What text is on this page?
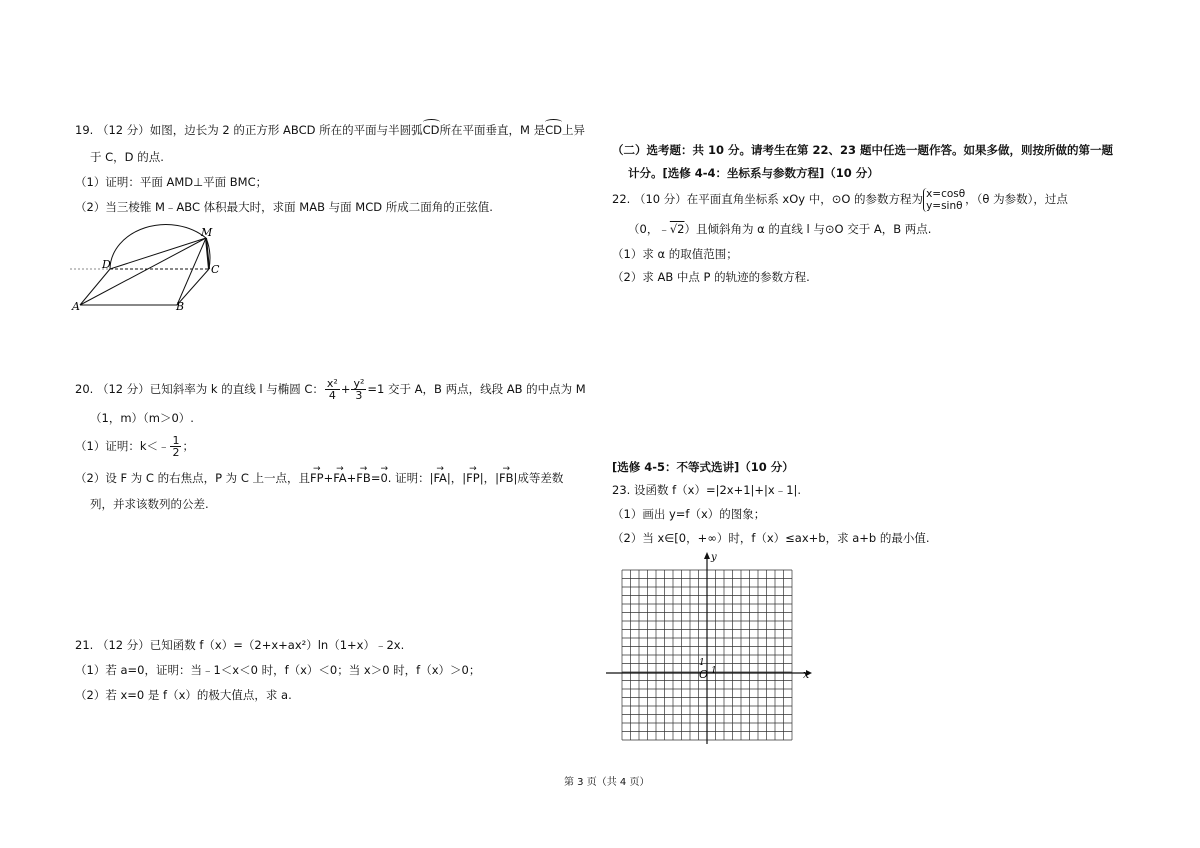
19. （12 分）如图，边长为 2 的正方形 ABCD 所在的平面与半圆弧CD所在平面垂直，M 是CD上异
于 C，D 的点.
（1）证明：平面 AMD⊥平面 BMC；
（2）当三棱锥 M﹣ABC 体积最大时，求面 MAB 与面 MCD 所成二面角的正弦值.
M
D	C
A	B
20. （12 分）已知斜率为 k 的直线 l 与椭圆 C： $\frac{\text{x²}}{4} + \frac{\text{y²}}{3} =1$ 交于 A，B 两点，线段 AB 的中点为 M
（1，m）（m＞0）.
（1）证明：k＜﹣ $\frac{1}{2}$ ；
（2）设 F 为 C 的右焦点，P 为 C 上一点，且→ FP+→ FA+→ FB=→ 0. 证明：|→ FA|，|→ FP|，|→ FB|成等差数
列，并求该数列的公差.
21. （12 分）已知函数 f（x）=（2+x+ax²）ln（1+x）﹣2x.
（1）若 a=0，证明：当﹣1＜x＜0 时，f（x）＜0；当 x＞0 时，f（x）＞0；
（2）若 x=0 是 f（x）的极大值点，求 a.
（二）选考题：共 10 分。请考生在第 22、23 题中任选一题作答。如果多做，则按所做的第一题
计分。[选修 4-4：坐标系与参数方程]（10 分）
22. （10 分）在平面直角坐标系 xOy 中，⊙O 的参数方程为 x=cosθ
y=sinθ ，（θ 为参数），过点
（0，﹣√2）且倾斜角为 α 的直线 l 与⊙O 交于 A，B 两点.
（1）求 α 的取值范围；
（2）求 AB 中点 P 的轨迹的参数方程.
[选修 4-5：不等式选讲]（10 分）
23. 设函数 f（x）=|2x+1|+|x﹣1|.
（1）画出 y=f（x）的图象；
（2）当 x∈[0，+∞）时，f（x）≤ax+b，求 a+b 的最小值.
x
y
O 1
1
第 3 页（共 4 页）
